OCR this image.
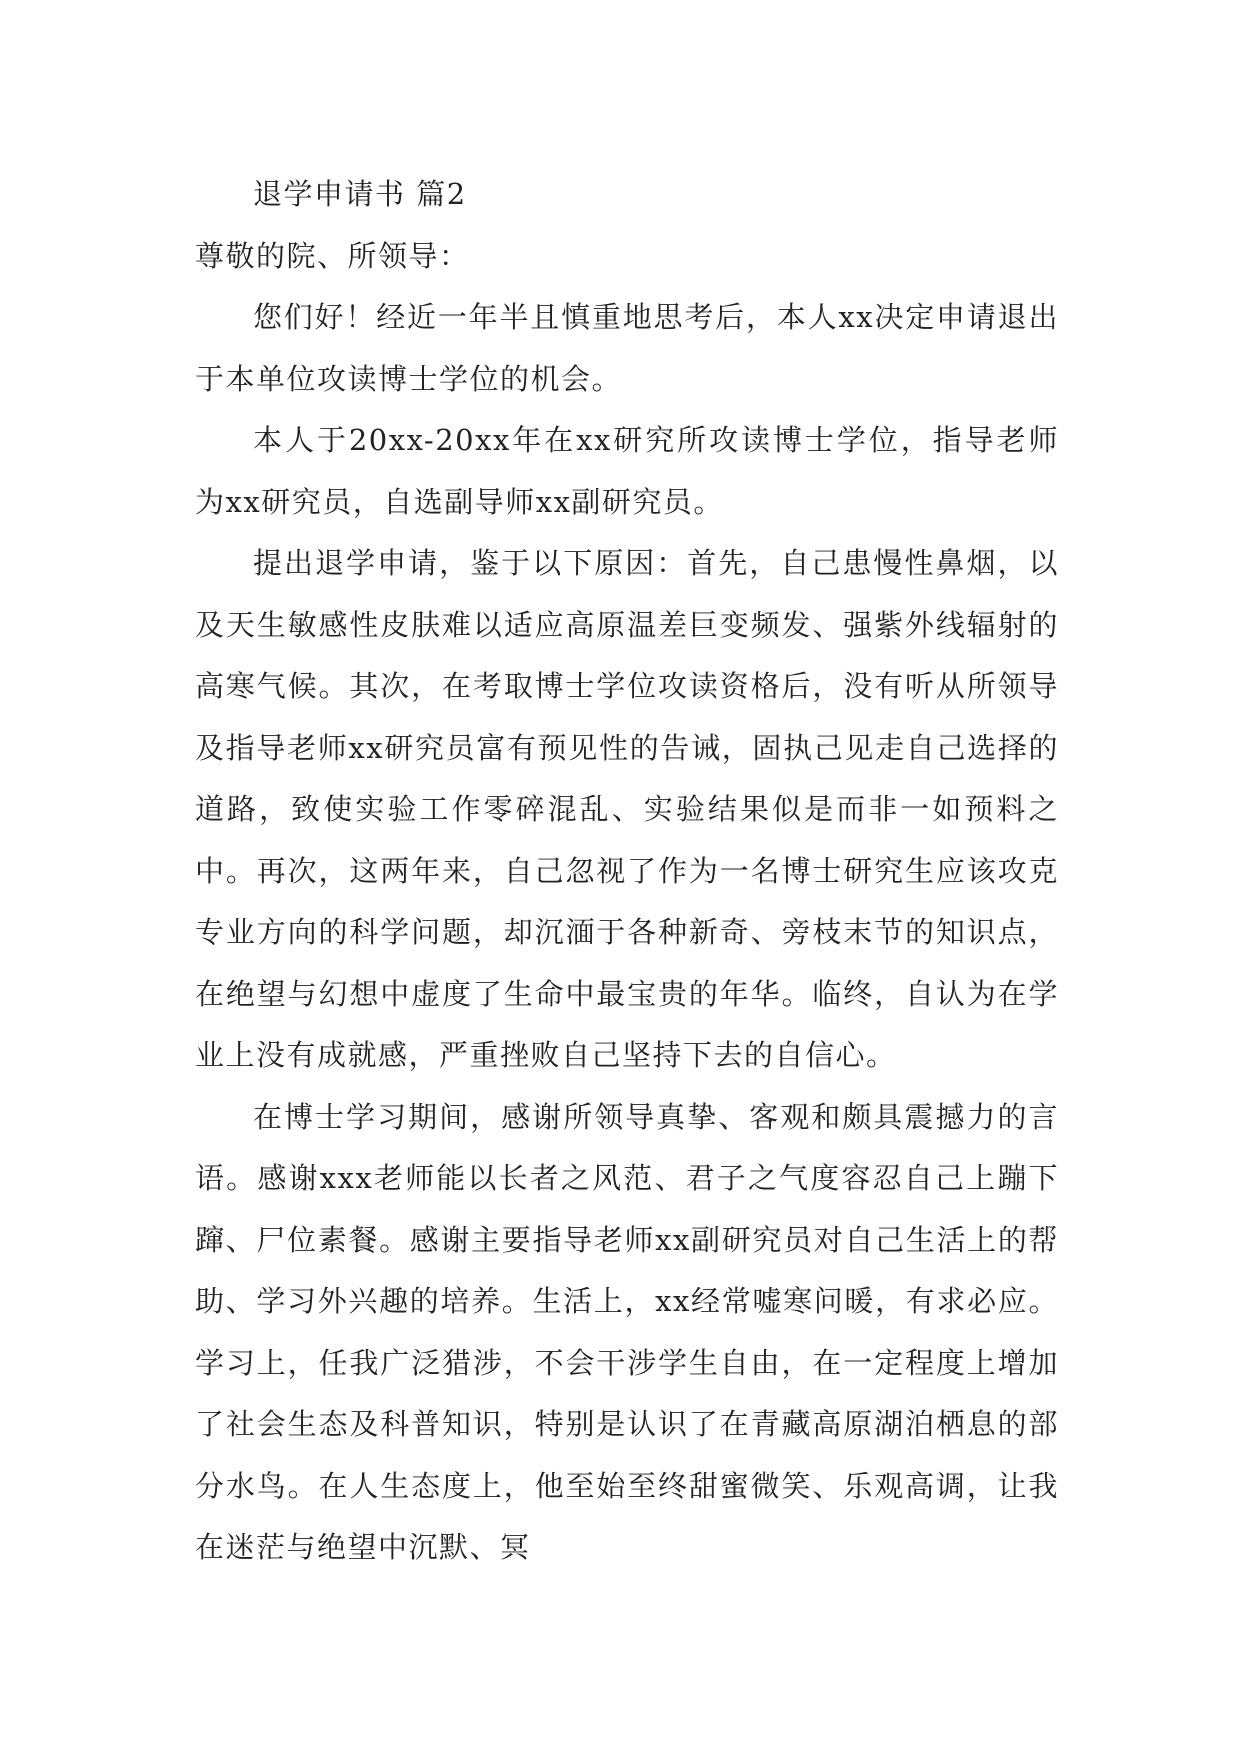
退学申请书 篇2

尊敬的院、所领导：

您们好！经近一年半且慎重地思考后，本人xx决定申请退出于本单位攻读博士学位的机会。

本人于20xx-20xx年在xx研究所攻读博士学位，指导老师为xx研究员，自选副导师xx副研究员。

提出退学申请，鉴于以下原因：首先，自己患慢性鼻烟，以及天生敏感性皮肤难以适应高原温差巨变频发、强紫外线辐射的高寒气候。其次，在考取博士学位攻读资格后，没有听从所领导及指导老师xx研究员富有预见性的告诫，固执己见走自己选择的道路，致使实验工作零碎混乱、实验结果似是而非一如预料之中。再次，这两年来，自己忽视了作为一名博士研究生应该攻克专业方向的科学问题，却沉湎于各种新奇、旁枝末节的知识点，在绝望与幻想中虚度了生命中最宝贵的年华。临终，自认为在学业上没有成就感，严重挫败自己坚持下去的自信心。

在博士学习期间，感谢所领导真挚、客观和颇具震撼力的言语。感谢xxx老师能以长者之风范、君子之气度容忍自己上蹦下蹿、尸位素餐。感谢主要指导老师xx副研究员对自己生活上的帮助、学习外兴趣的培养。生活上，xx经常嘘寒问暖，有求必应。学习上，任我广泛猎涉，不会干涉学生自由，在一定程度上增加了社会生态及科普知识，特别是认识了在青藏高原湖泊栖息的部分水鸟。在人生态度上，他至始至终甜蜜微笑、乐观高调，让我在迷茫与绝望中沉默、冥
